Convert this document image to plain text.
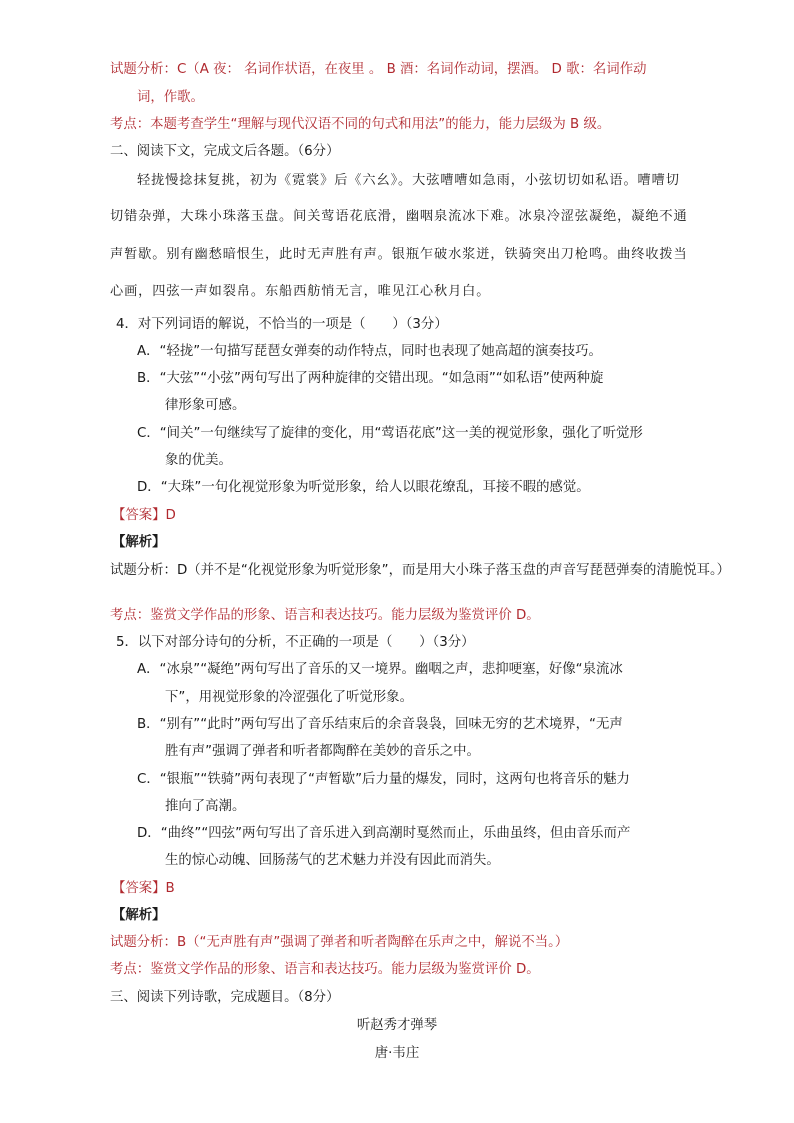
试题分析：C（A 夜： 名词作状语，在夜里 。 B 酒：名词作动词，摆酒。 D 歌：名词作动
词，作歌。
考点：本题考查学生“理解与现代汉语不同的句式和用法”的能力，能力层级为 B 级。
二、阅读下文，完成文后各题。（6分）
轻拢慢捻抹复挑，初为《霓裳》后《六幺》。大弦嘈嘈如急雨，小弦切切如私语。嘈嘈切
切错杂弹，大珠小珠落玉盘。间关莺语花底滑，幽咽泉流冰下难。冰泉冷涩弦凝绝，凝绝不通
声暂歇。别有幽愁暗恨生，此时无声胜有声。银瓶乍破水浆迸，铁骑突出刀枪鸣。曲终收拨当
心画，四弦一声如裂帛。东船西舫悄无言，唯见江心秋月白。
4．对下列词语的解说，不恰当的一项是（　　）（3分）
A．“轻拢”一句描写琵琶女弹奏的动作特点，同时也表现了她高超的演奏技巧。
B．“大弦”“小弦”两句写出了两种旋律的交错出现。“如急雨”“如私语”使两种旋
律形象可感。
C．“间关”一句继续写了旋律的变化，用“莺语花底”这一美的视觉形象，强化了听觉形
象的优美。
D．“大珠”一句化视觉形象为听觉形象，给人以眼花缭乱，耳接不暇的感觉。
【答案】D
【解析】
试题分析：D（并不是“化视觉形象为听觉形象”，而是用大小珠子落玉盘的声音写琵琶弹奏的清脆悦耳。）
考点：鉴赏文学作品的形象、语言和表达技巧。能力层级为鉴赏评价 D。
5．以下对部分诗句的分析，不正确的一项是（　　）（3分）
A．“冰泉”“凝绝”两句写出了音乐的又一境界。幽咽之声，悲抑哽塞，好像“泉流冰
下”，用视觉形象的冷涩强化了听觉形象。
B．“别有”“此时”两句写出了音乐结束后的余音袅袅，回味无穷的艺术境界，“无声
胜有声”强调了弹者和听者都陶醉在美妙的音乐之中。
C．“银瓶”“铁骑”两句表现了“声暂歇”后力量的爆发，同时，这两句也将音乐的魅力
推向了高潮。
D．“曲终”“四弦”两句写出了音乐进入到高潮时戛然而止，乐曲虽终，但由音乐而产
生的惊心动魄、回肠荡气的艺术魅力并没有因此而消失。
【答案】B
【解析】
试题分析：B（“无声胜有声”强调了弹者和听者陶醉在乐声之中，解说不当。）
考点：鉴赏文学作品的形象、语言和表达技巧。能力层级为鉴赏评价 D。
三、阅读下列诗歌，完成题目。（8分）
听赵秀才弹琴
唐·韦庄
